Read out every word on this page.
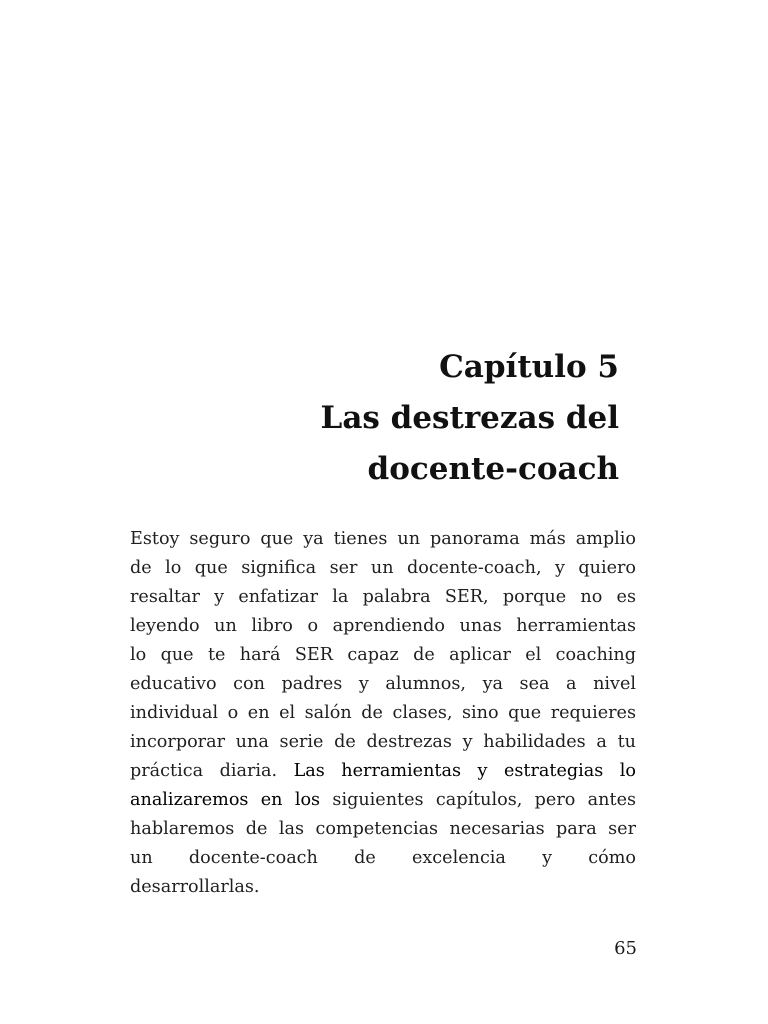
Capítulo 5
Las destrezas del
docente-coach
Estoy seguro que ya tienes un panorama más amplio
de lo que significa ser un docente-coach, y quiero
resaltar y enfatizar la palabra SER, porque no es
leyendo un libro o aprendiendo unas herramientas
lo que te hará SER capaz de aplicar el coaching
educativo con padres y alumnos, ya sea a nivel
individual o en el salón de clases, sino que requieres
incorporar una serie de destrezas y habilidades a tu
práctica diaria. Las herramientas y estrategias lo
analizaremos en los siguientes capítulos, pero antes
hablaremos de las competencias necesarias para ser
un docente-coach de excelencia y cómo
desarrollarlas.
65
